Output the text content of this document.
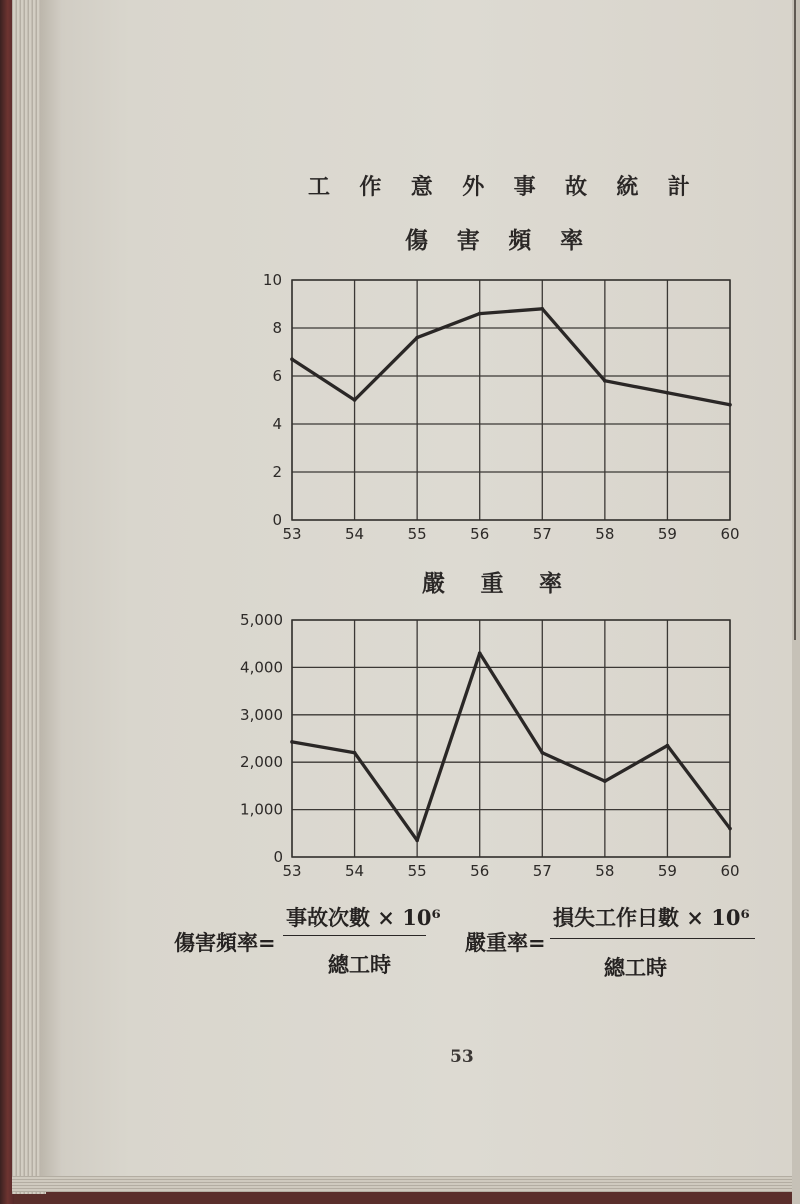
工作意外事故統計
傷害頻率
嚴重率
0
2
4
6
8
10
53	54	55	56	57	58	59	60
0
1,000
2,000
3,000
4,000
5,000
53	54	55	56	57	58	59	60
傷害頻率=
事故次數 × 10⁶
總工時
嚴重率=
損失工作日數 × 10⁶
總工時
53
